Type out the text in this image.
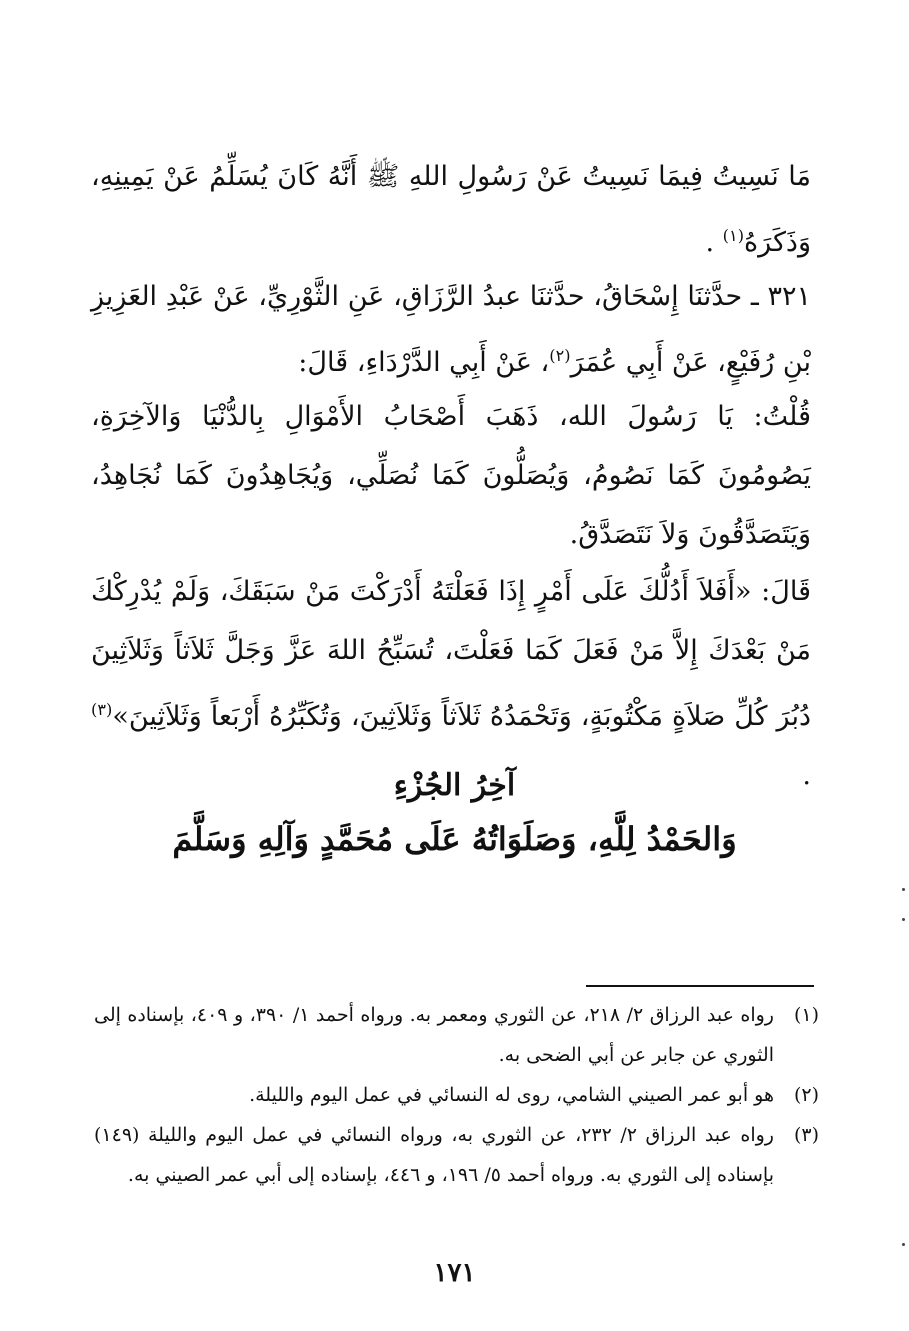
مَا نَسِيتُ فِيمَا نَسِيتُ عَنْ رَسُولِ اللهِ ﷺ أَنَّهُ كَانَ يُسَلِّمُ عَنْ يَمِينِهِ، وَذَكَرَهُ$^{(١)}$ .

٣٢١ ـ حدَّثنَا إِسْحَاقُ، حدَّثنَا عبدُ الرَّزَاقِ، عَنِ الثَّوْرِيِّ، عَنْ عَبْدِ العَزِيزِ بْنِ رُفَيْعٍ، عَنْ أَبِي عُمَرَ$^{(٢)}$، عَنْ أَبِي الدَّرْدَاءِ، قَالَ:

قُلْتُ: يَا رَسُولَ الله، ذَهَبَ أَصْحَابُ الأَمْوَالِ بِالدُّنْيَا وَالآخِرَةِ، يَصُومُونَ كَمَا نَصُومُ، وَيُصَلُّونَ كَمَا نُصَلِّي، وَيُجَاهِدُونَ كَمَا نُجَاهِدُ، وَيَتَصَدَّقُونَ وَلاَ نَتَصَدَّقُ.

قَالَ: «أَفَلاَ أَدُلُّكَ عَلَى أَمْرٍ إِذَا فَعَلْتَهُ أَدْرَكْتَ مَنْ سَبَقَكَ، وَلَمْ يُدْرِكْكَ مَنْ بَعْدَكَ إِلاَّ مَنْ فَعَلَ كَمَا فَعَلْتَ، تُسَبِّحُ اللهَ عَزَّ وَجَلَّ ثَلاَثاً وَثَلاَثِينَ دُبُرَ كُلِّ صَلاَةٍ مَكْتُوبَةٍ، وَتَحْمَدُهُ ثَلاَثاً وَثَلاَثِينَ، وَتُكَبِّرُهُ أَرْبَعاً وَثَلاَثِينَ»$^{(٣)}$ .

آخِرُ الجُزْءِ
وَالحَمْدُ لِلَّهِ، وَصَلَوَاتُهُ عَلَى مُحَمَّدٍ وَآلِهِ وَسَلَّمَ
(١)
رواه عبد الرزاق ٢/ ٢١٨، عن الثوري ومعمر به. ورواه أحمد ١/ ٣٩٠، و ٤٠٩، بإسناده إلى الثوري عن جابر عن أبي الضحى به.
(٢)
هو أبو عمر الصيني الشامي، روى له النسائي في عمل اليوم والليلة.
(٣)
رواه عبد الرزاق ٢/ ٢٣٢، عن الثوري به، ورواه النسائي في عمل اليوم والليلة (١٤٩) بإسناده إلى الثوري به. ورواه أحمد ٥/ ١٩٦، و ٤٤٦، بإسناده إلى أبي عمر الصيني به.
١٧١
